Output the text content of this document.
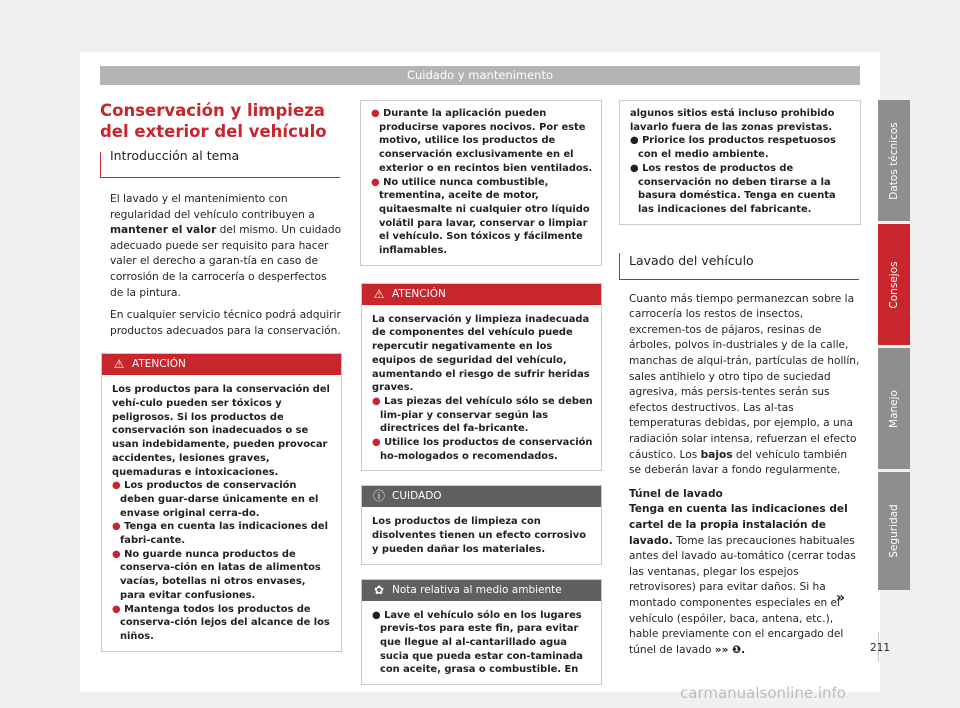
Cuidado y mantenimento
Conservación y limpieza del exterior del vehículo
Introducción al tema

El lavado y el mantenimiento con regularidad del vehículo contribuyen a mantener el valor del mismo. Un cuidado adecuado puede ser requisito para hacer valer el derecho a garan-tía en caso de corrosión de la carrocería o desperfectos de la pintura.

En cualquier servicio técnico podrá adquirir productos adecuados para la conservación.

⚠ ATENCIÓN
Los productos para la conservación del vehí-culo pueden ser tóxicos y peligrosos. Si los productos de conservación son inadecuados o se usan indebidamente, pueden provocar accidentes, lesiones graves, quemaduras e intoxicaciones.
● Los productos de conservación deben guar-darse únicamente en el envase original cerra-do.
● Tenga en cuenta las indicaciones del fabri-cante.
● No guarde nunca productos de conserva-ción en latas de alimentos vacías, botellas ni otros envases, para evitar confusiones.
● Mantenga todos los productos de conserva-ción lejos del alcance de los niños.
● Durante la aplicación pueden producirse vapores nocivos. Por este motivo, utilice los productos de conservación exclusivamente en el exterior o en recintos bien ventilados.
● No utilice nunca combustible, trementina, aceite de motor, quitaesmalte ni cualquier otro líquido volátil para lavar, conservar o limpiar el vehículo. Son tóxicos y fácilmente inflamables.
⚠ ATENCIÓN
La conservación y limpieza inadecuada de componentes del vehículo puede repercutir negativamente en los equipos de seguridad del vehículo, aumentando el riesgo de sufrir heridas graves.
● Las piezas del vehículo sólo se deben lim-piar y conservar según las directrices del fa-bricante.
● Utilice los productos de conservación ho-mologados o recomendados.
ⓘ CUIDADO
Los productos de limpieza con disolventes tienen un efecto corrosivo y pueden dañar los materiales.
✿ Nota relativa al medio ambiente
● Lave el vehículo sólo en los lugares previs-tos para este fin, para evitar que llegue al al-cantarillado agua sucia que pueda estar con-taminada con aceite, grasa o combustible. En
algunos sitios está incluso prohibido lavarlo fuera de las zonas previstas.
● Priorice los productos respetuosos con el medio ambiente.
● Los restos de productos de conservación no deben tirarse a la basura doméstica. Tenga en cuenta las indicaciones del fabricante.
Lavado del vehículo

Cuanto más tiempo permanezcan sobre la carrocería los restos de insectos, excremen-tos de pájaros, resinas de árboles, polvos in-dustriales y de la calle, manchas de alqui-trán, partículas de hollín, sales antihielo y otro tipo de suciedad agresiva, más persis-tentes serán sus efectos destructivos. Las al-tas temperaturas debidas, por ejemplo, a una radiación solar intensa, refuerzan el efecto cáustico. Los bajos del vehículo también se deberán lavar a fondo regularmente.

Túnel de lavado

Tenga en cuenta las indicaciones del cartel de la propia instalación de lavado. Tome las precauciones habituales antes del lavado au-tomático (cerrar todas las ventanas, plegar los espejos retrovisores) para evitar daños. Si ha montado componentes especiales en el vehículo (espóiler, baca, antena, etc.), hable previamente con el encargado del túnel de lavado »» ❶.

»
Datos técnicos
Consejos
Manejo
Seguridad
211
carmanualsonline.info
